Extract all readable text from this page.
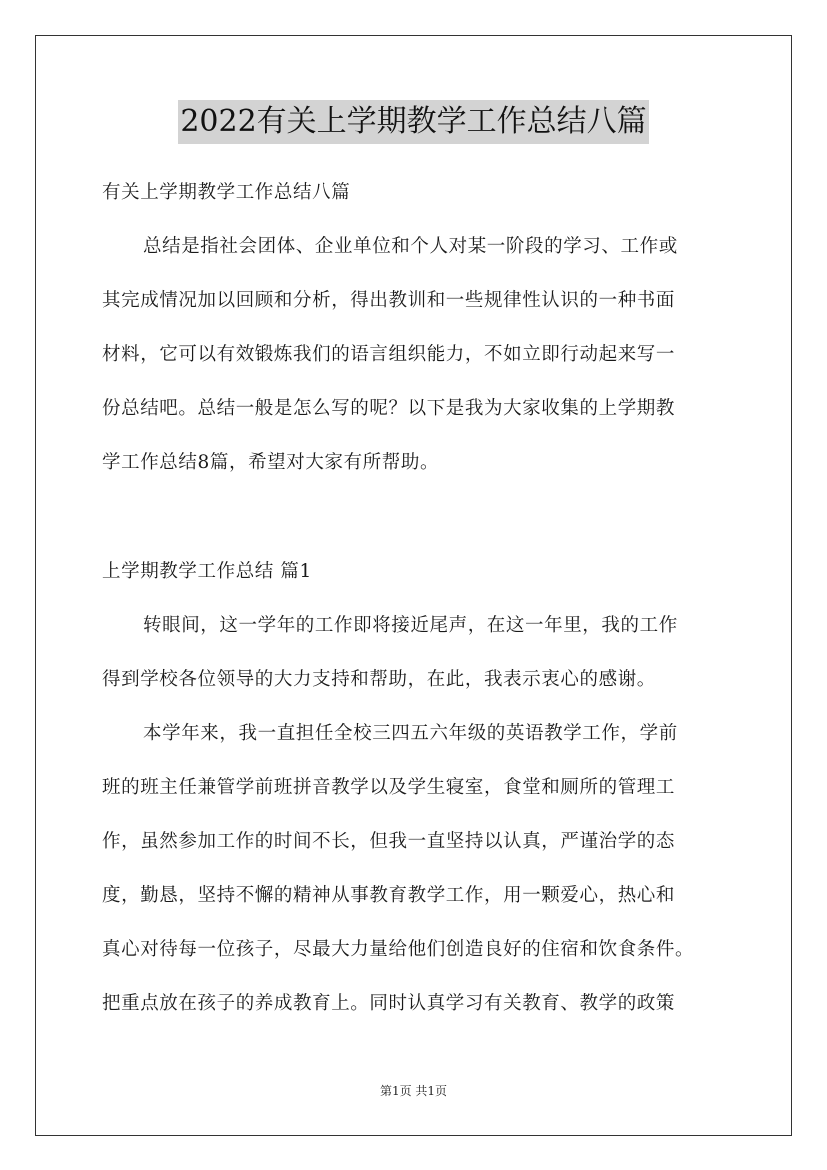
2022有关上学期教学工作总结八篇
有关上学期教学工作总结八篇
总结是指社会团体、企业单位和个人对某一阶段的学习、工作或
其完成情况加以回顾和分析，得出教训和一些规律性认识的一种书面
材料，它可以有效锻炼我们的语言组织能力，不如立即行动起来写一
份总结吧。总结一般是怎么写的呢？以下是我为大家收集的上学期教
学工作总结8篇，希望对大家有所帮助。
上学期教学工作总结 篇1
转眼间，这一学年的工作即将接近尾声，在这一年里，我的工作
得到学校各位领导的大力支持和帮助，在此，我表示衷心的感谢。
本学年来，我一直担任全校三四五六年级的英语教学工作，学前
班的班主任兼管学前班拼音教学以及学生寝室，食堂和厕所的管理工
作，虽然参加工作的时间不长，但我一直坚持以认真，严谨治学的态
度，勤恳，坚持不懈的精神从事教育教学工作，用一颗爱心，热心和
真心对待每一位孩子，尽最大力量给他们创造良好的住宿和饮食条件。
把重点放在孩子的养成教育上。同时认真学习有关教育、教学的政策
第1页 共1页
